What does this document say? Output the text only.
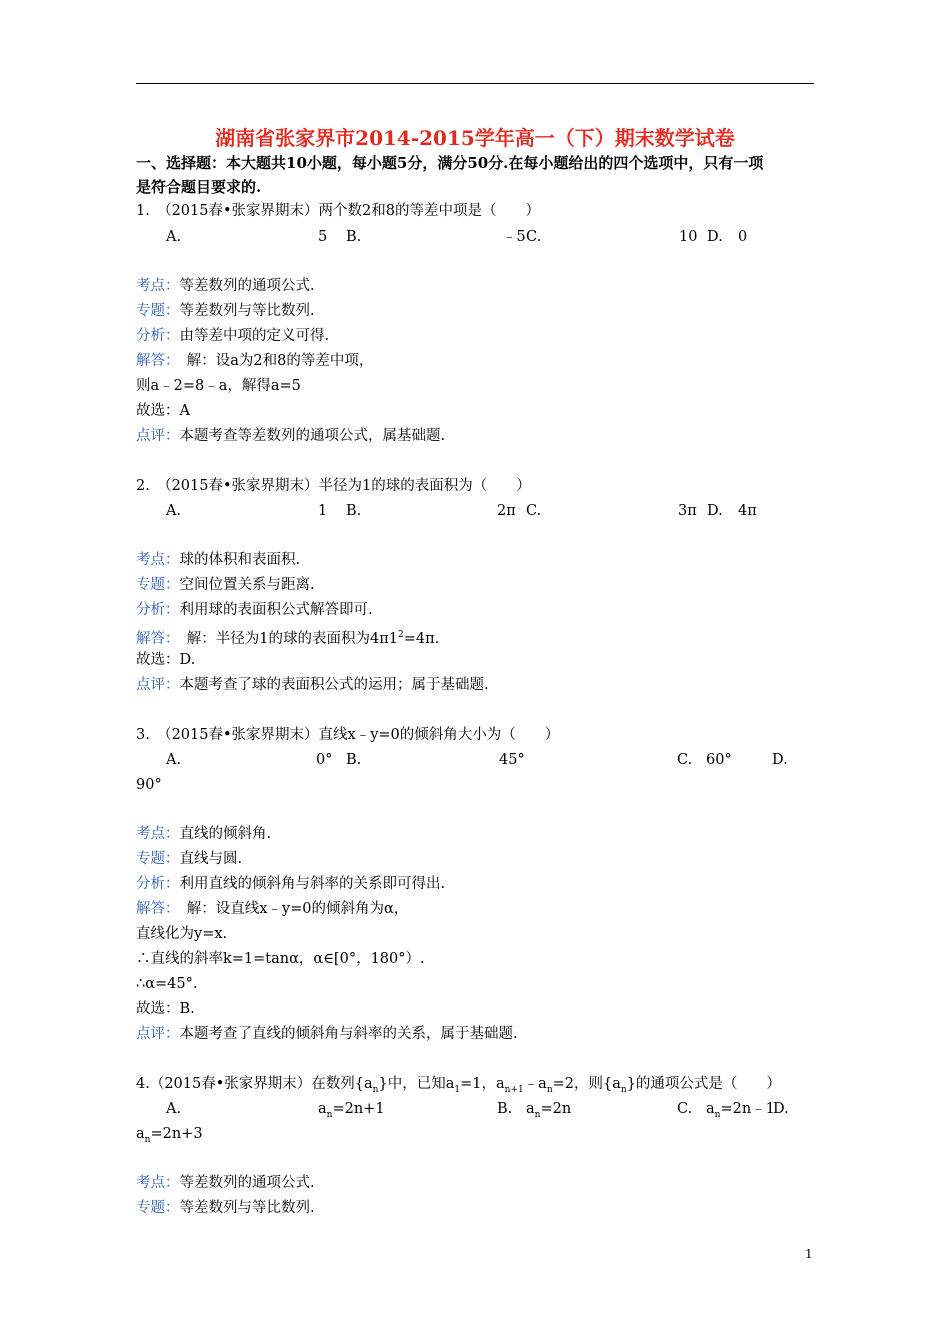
湖南省张家界市2014-2015学年高一（下）期末数学试卷
一、选择题：本大题共10小题，每小题5分，满分50分.在每小题给出的四个选项中，只有一项
是符合题目要求的.
1.　（2015春•张家界期末）两个数2和8的等差中项是（　　）
A.	5 B.	﹣5 C.	10 D. 0
考点：等差数列的通项公式.
专题：等差数列与等比数列.
分析：由等差中项的定义可得.
解答：　解：设a为2和8的等差中项，
则a﹣2=8﹣a，解得a=5
故选：A
点评：本题考查等差数列的通项公式，属基础题.
2.　（2015春•张家界期末）半径为1的球的表面积为（　　）
A.	1 B.	2π C.	3π D. 4π
考点：球的体积和表面积.
专题：空间位置关系与距离.
分析：利用球的表面积公式解答即可.
解答：　解：半径为1的球的表面积为$4\pi 1^2=4\pi$.
故选：D.
点评：本题考查了球的表面积公式的运用；属于基础题.
3.　（2015春•张家界期末）直线x﹣y=0的倾斜角大小为（　　）
A.	0° B.	45°	C. 60°	D.
90°
考点：直线的倾斜角.
专题：直线与圆.
分析：利用直线的倾斜角与斜率的关系即可得出.
解答：　解：设直线x﹣y=0的倾斜角为α，
直线化为y=x.
∴直线的斜率k=1=tanα，α∈[0°，180°）.
∴α=45°.
故选：B.
点评：本题考查了直线的倾斜角与斜率的关系，属于基础题.
4.（2015春•张家界期末）在数列$\{a_n\}$中，已知$a_1=1$，$a_{n+1}﹣a_n=2$，则$\{a_n\}$的通项公式是（　　）
A.	$a_n=2n+1$	B. $a_n=2n$	C. $a_n=2n﹣1$
D.
$a_n=2n+3$
考点：等差数列的通项公式.
专题：等差数列与等比数列.
1
